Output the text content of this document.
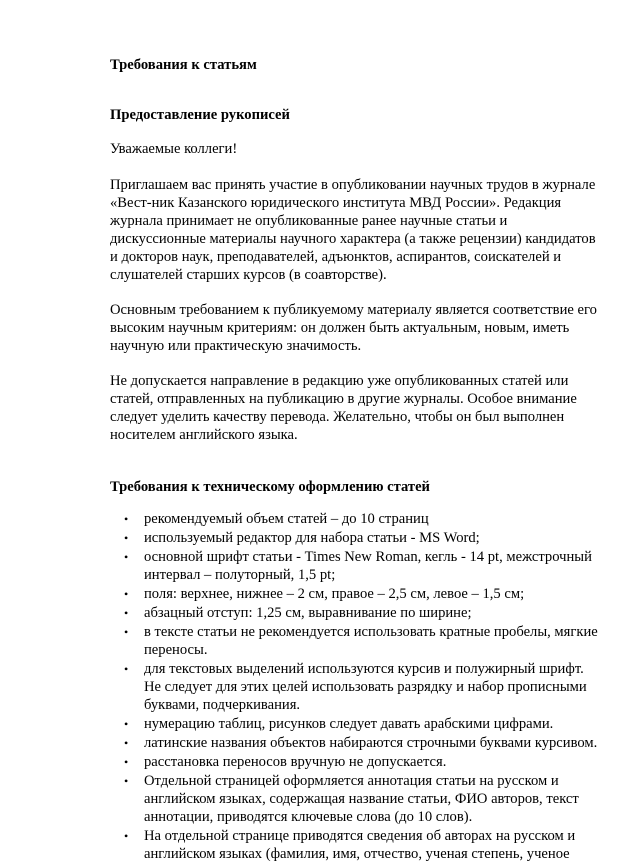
Требования к статьям

Предоставление рукописей

Уважаемые коллеги!

Приглашаем вас принять участие в опубликовании научных трудов в журнале «Вест-ник Казанского юридического института МВД России». Редакция журнала принимает не опубликованные ранее научные статьи и дискуссионные материалы научного характера (а также рецензии) кандидатов и докторов наук, преподавателей, адъюнктов, аспирантов, соискателей и слушателей старших курсов (в соавторстве).

Основным требованием к публикуемому материалу является соответствие его высоким научным критериям: он должен быть актуальным, новым, иметь научную или практическую значимость.

Не допускается направление в редакцию уже опубликованных статей или статей, отправленных на публикацию в другие журналы. Особое внимание следует уделить качеству перевода. Желательно, чтобы он был выполнен носителем английского языка.

Требования к техническому оформлению статей

• рекомендуемый объем статей – до 10 страниц
• используемый редактор для набора статьи - MS Word;
• основной шрифт статьи - Times New Roman, кегль - 14 pt, межстрочный интервал – полуторный, 1,5 pt;
• поля: верхнее, нижнее – 2 см, правое – 2,5 см, левое – 1,5 см;
• абзацный отступ: 1,25 см, выравнивание по ширине;
• в тексте статьи не рекомендуется использовать кратные пробелы, мягкие переносы.
• для текстовых выделений используются курсив и полужирный шрифт. Не следует для этих целей использовать разрядку и набор прописными буквами, подчеркивания.
• нумерацию таблиц, рисунков следует давать арабскими цифрами.
• латинские названия объектов набираются строчными буквами курсивом.
• расстановка переносов вручную не допускается.
• Отдельной страницей оформляется аннотация статьи на русском и английском языках, содержащая название статьи, ФИО авторов, текст аннотации, приводятся ключевые слова (до 10 слов).
• На отдельной странице приводятся сведения об авторах на русском и английском языках (фамилия, имя, отчество, ученая степень, ученое
